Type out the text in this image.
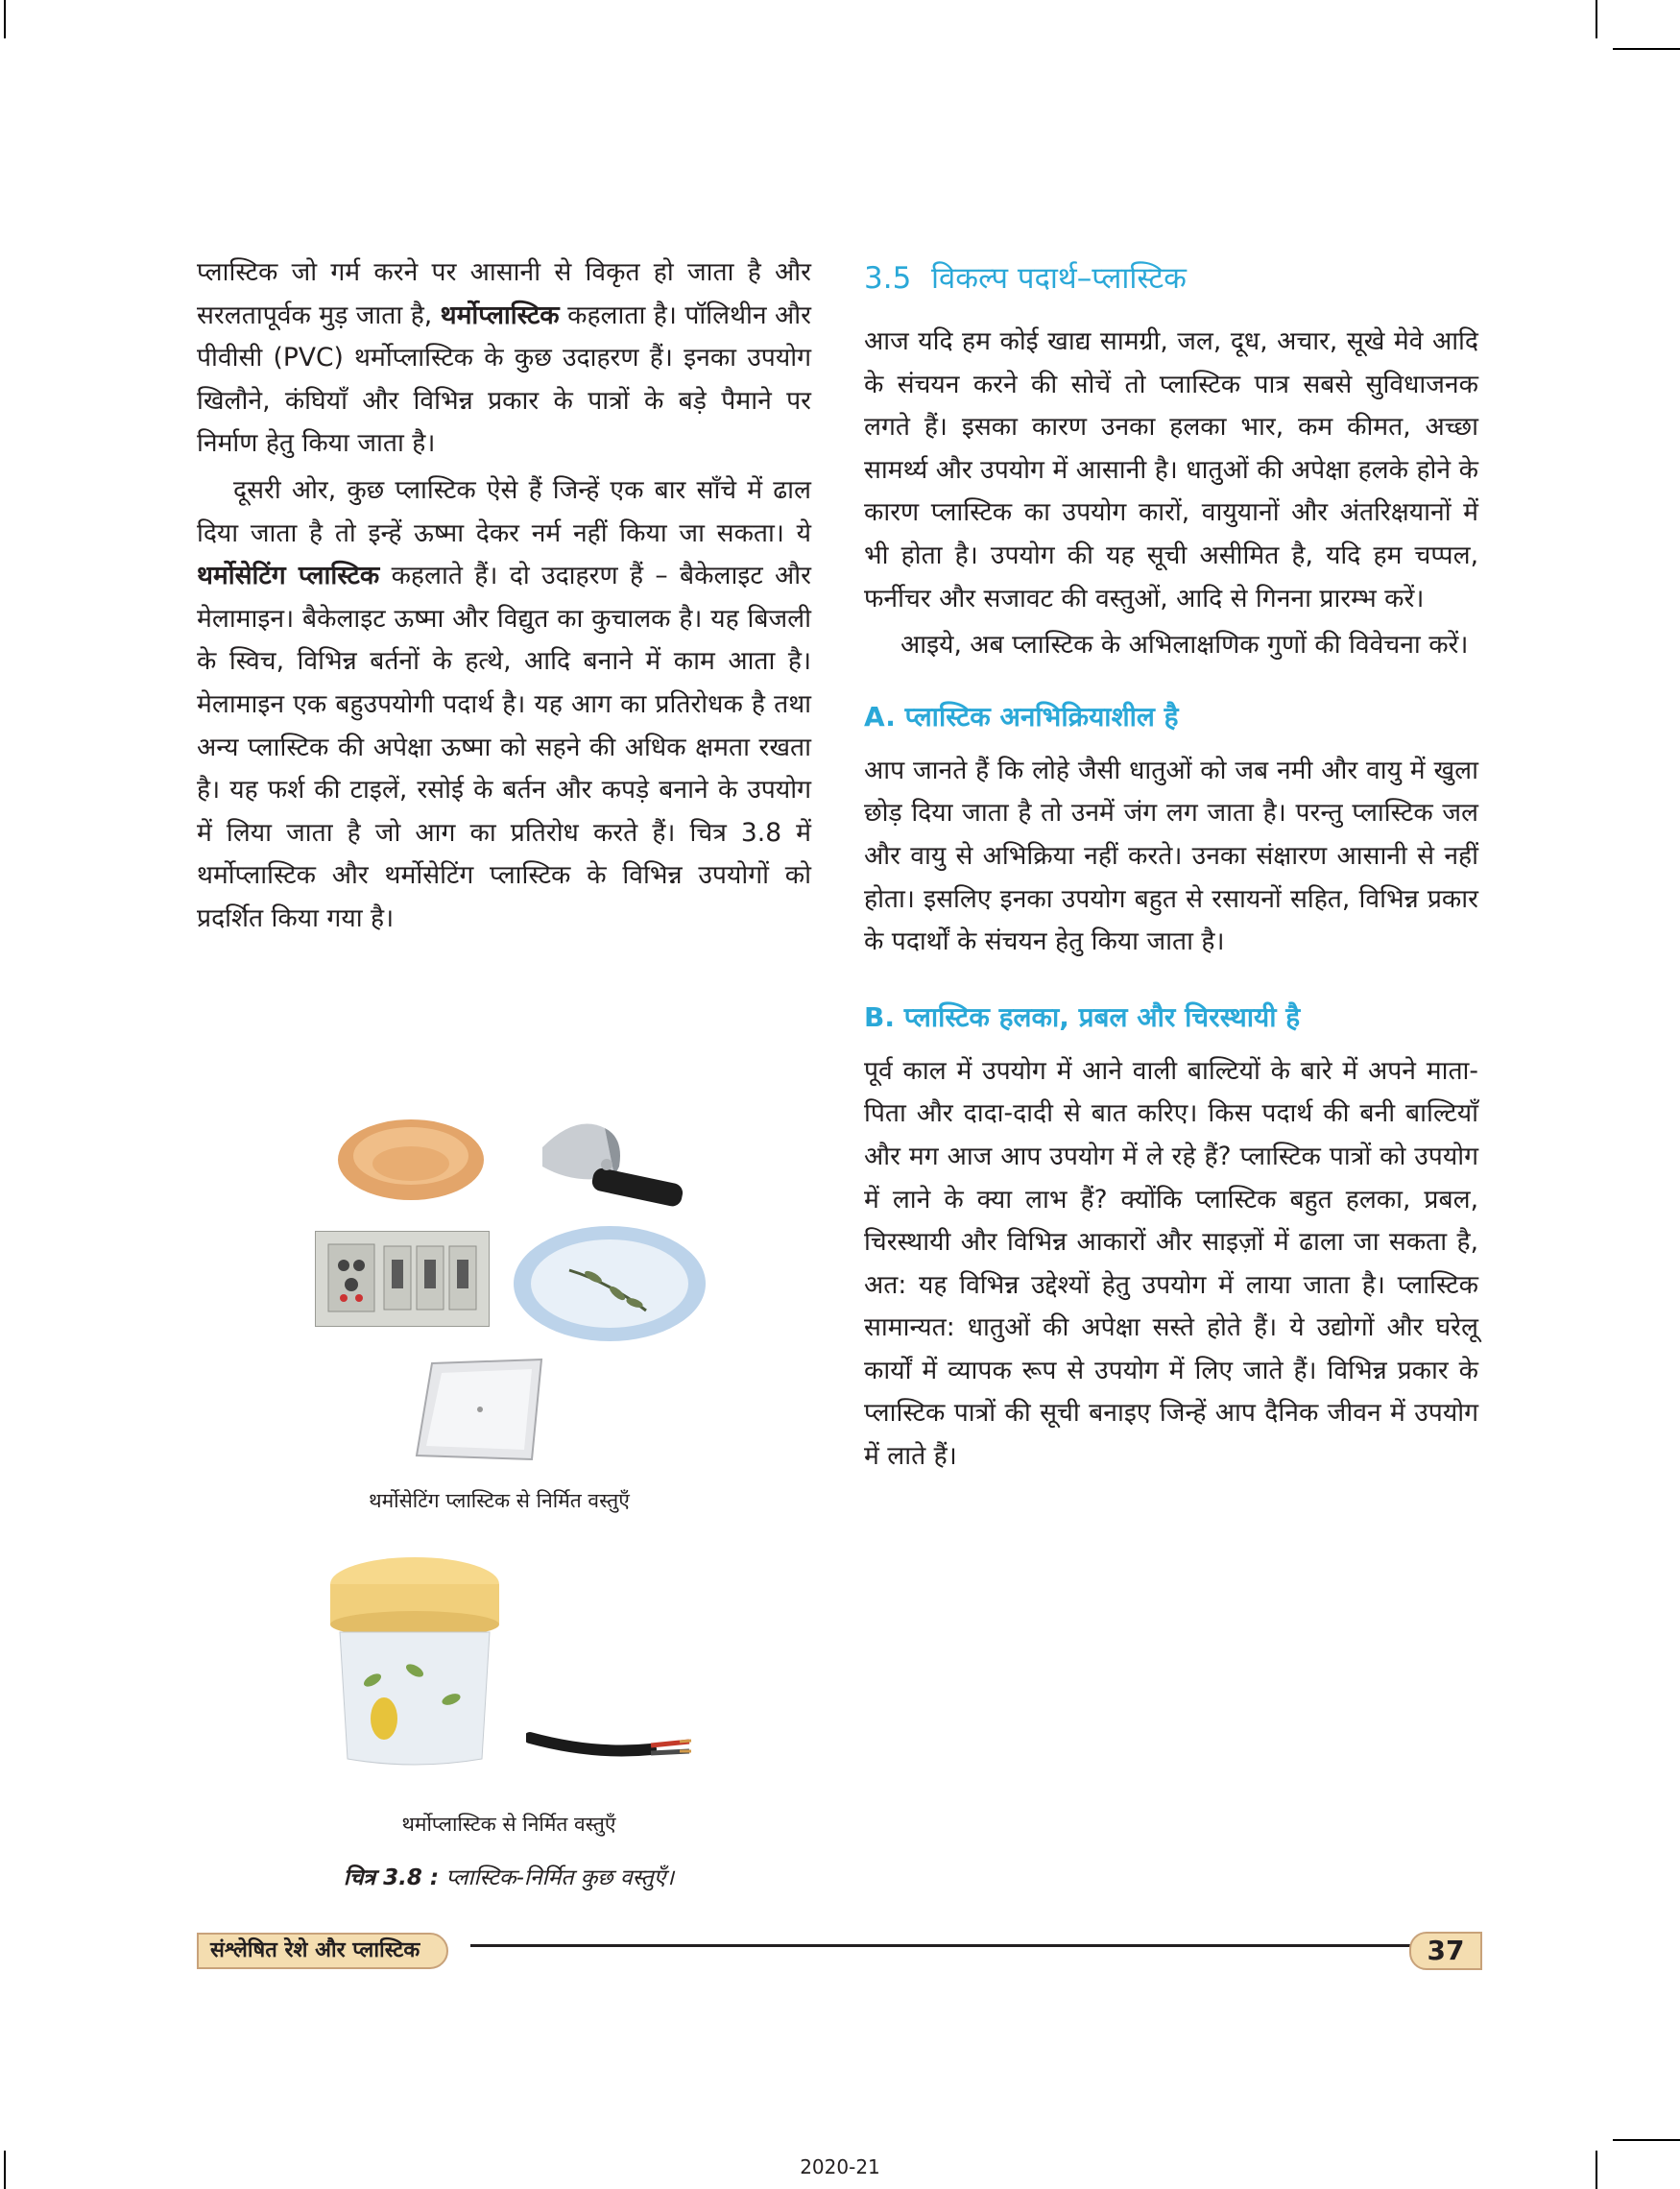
प्लास्टिक जो गर्म करने पर आसानी से विकृत हो जाता है और सरलतापूर्वक मुड़ जाता है, थर्मोप्लास्टिक कहलाता है। पॉलिथीन और पीवीसी (PVC) थर्मोप्लास्टिक के कुछ उदाहरण हैं। इनका उपयोग खिलौने, कंघियाँ और विभिन्न प्रकार के पात्रों के बड़े पैमाने पर निर्माण हेतु किया जाता है।

दूसरी ओर, कुछ प्लास्टिक ऐसे हैं जिन्हें एक बार साँचे में ढाल दिया जाता है तो इन्हें ऊष्मा देकर नर्म नहीं किया जा सकता। ये थर्मोसेटिंग प्लास्टिक कहलाते हैं। दो उदाहरण हैं – बैकेलाइट और मेलामाइन। बैकेलाइट ऊष्मा और विद्युत का कुचालक है। यह बिजली के स्विच, विभिन्न बर्तनों के हत्थे, आदि बनाने में काम आता है। मेलामाइन एक बहुउपयोगी पदार्थ है। यह आग का प्रतिरोधक है तथा अन्य प्लास्टिक की अपेक्षा ऊष्मा को सहने की अधिक क्षमता रखता है। यह फर्श की टाइलें, रसोई के बर्तन और कपड़े बनाने के उपयोग में लिया जाता है जो आग का प्रतिरोध करते हैं। चित्र 3.8 में थर्मोप्लास्टिक और थर्मोसेटिंग प्लास्टिक के विभिन्न उपयोगों को प्रदर्शित किया गया है।

थर्मोसेटिंग प्लास्टिक से निर्मित वस्तुएँ
थर्मोप्लास्टिक से निर्मित वस्तुएँ
चित्र 3.8 : प्लास्टिक-निर्मित कुछ वस्तुएँ।
3.5 विकल्प पदार्थ–प्लास्टिक

आज यदि हम कोई खाद्य सामग्री, जल, दूध, अचार, सूखे मेवे आदि के संचयन करने की सोचें तो प्लास्टिक पात्र सबसे सुविधाजनक लगते हैं। इसका कारण उनका हलका भार, कम कीमत, अच्छा सामर्थ्य और उपयोग में आसानी है। धातुओं की अपेक्षा हलके होने के कारण प्लास्टिक का उपयोग कारों, वायुयानों और अंतरिक्षयानों में भी होता है। उपयोग की यह सूची असीमित है, यदि हम चप्पल, फर्नीचर और सजावट की वस्तुओं, आदि से गिनना प्रारम्भ करें।

आइये, अब प्लास्टिक के अभिलाक्षणिक गुणों की विवेचना करें।

A. प्लास्टिक अनभिक्रियाशील है

आप जानते हैं कि लोहे जैसी धातुओं को जब नमी और वायु में खुला छोड़ दिया जाता है तो उनमें जंग लग जाता है। परन्तु प्लास्टिक जल और वायु से अभिक्रिया नहीं करते। उनका संक्षारण आसानी से नहीं होता। इसलिए इनका उपयोग बहुत से रसायनों सहित, विभिन्न प्रकार के पदार्थों के संचयन हेतु किया जाता है।

B. प्लास्टिक हलका, प्रबल और चिरस्थायी है

पूर्व काल में उपयोग में आने वाली बाल्टियों के बारे में अपने माता-पिता और दादा-दादी से बात करिए। किस पदार्थ की बनी बाल्टियाँ और मग आज आप उपयोग में ले रहे हैं? प्लास्टिक पात्रों को उपयोग में लाने के क्या लाभ हैं? क्योंकि प्लास्टिक बहुत हलका, प्रबल, चिरस्थायी और विभिन्न आकारों और साइज़ों में ढाला जा सकता है, अत: यह विभिन्न उद्देश्यों हेतु उपयोग में लाया जाता है। प्लास्टिक सामान्यत: धातुओं की अपेक्षा सस्ते होते हैं। ये उद्योगों और घरेलू कार्यों में व्यापक रूप से उपयोग में लिए जाते हैं। विभिन्न प्रकार के प्लास्टिक पात्रों की सूची बनाइए जिन्हें आप दैनिक जीवन में उपयोग में लाते हैं।

संश्लेषित रेशे और प्लास्टिक	37
2020-21
